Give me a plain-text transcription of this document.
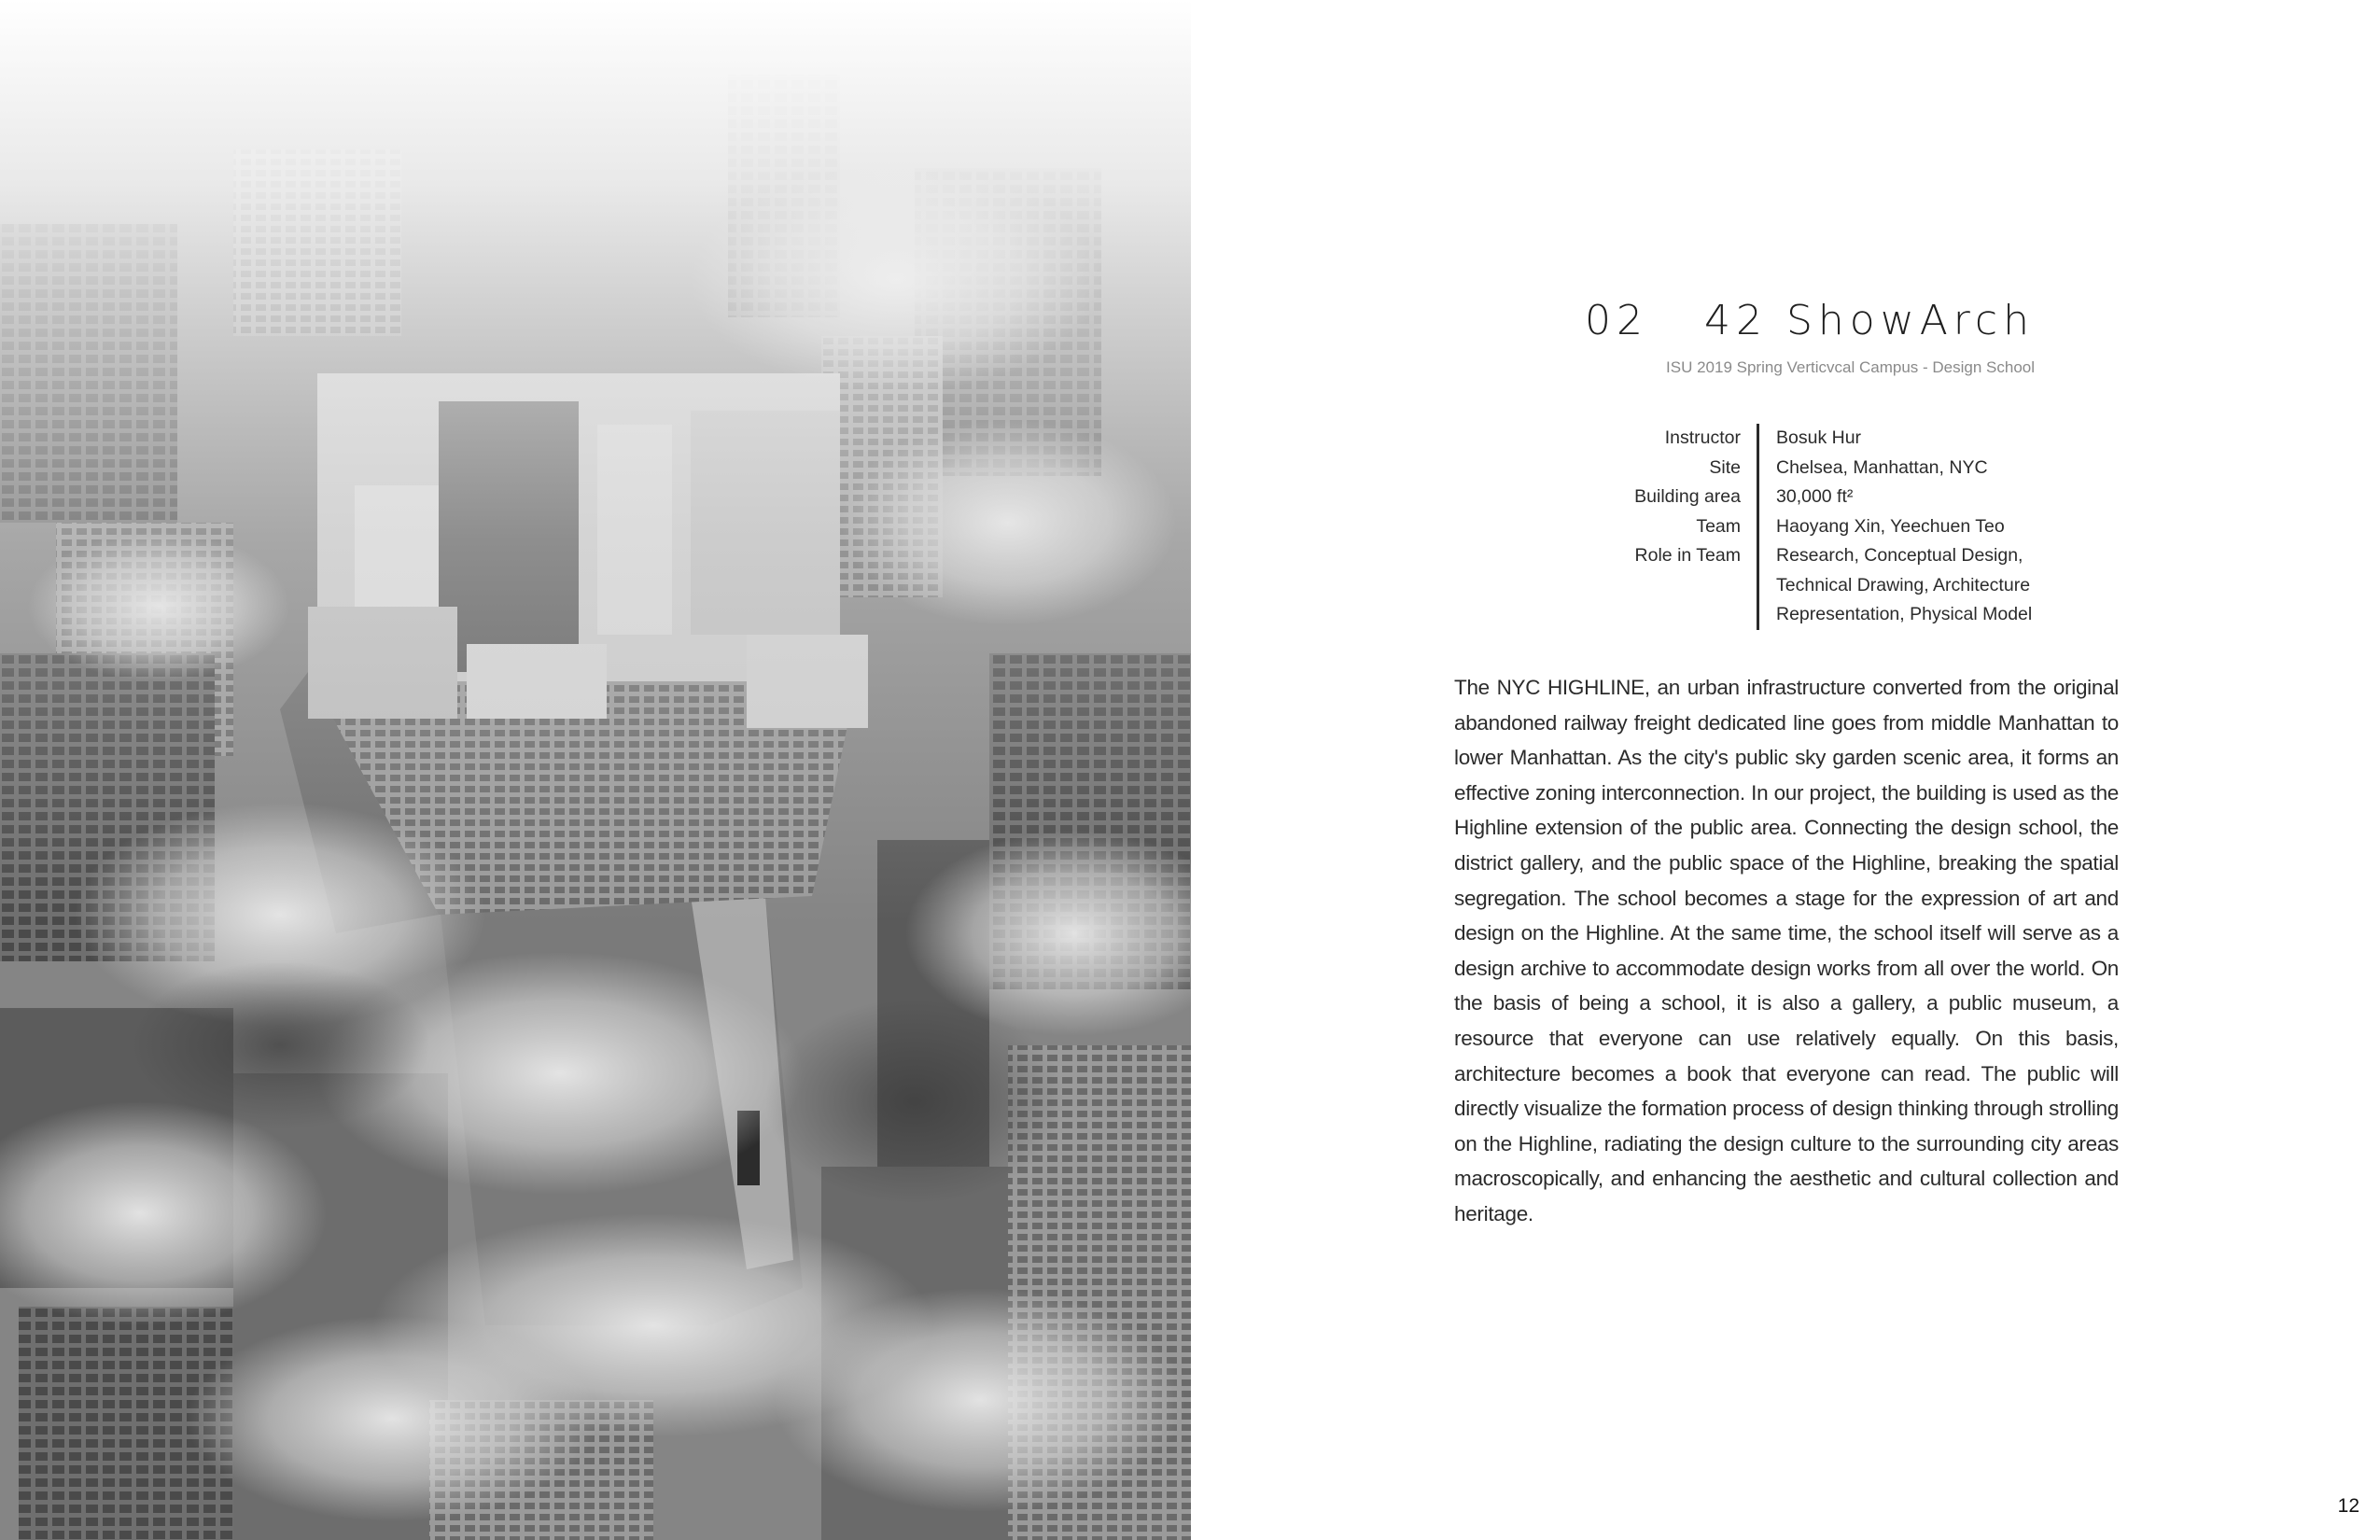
02   42 ShowArch
ISU 2019 Spring Verticvcal Campus - Design School
Instructor	Bosuk Hur
Site	Chelsea, Manhattan, NYC
Building area	30,000 ft²
Team	Haoyang Xin, Yeechuen Teo
Role in Team	Research, Conceptual Design,
Technical Drawing, Architecture
Representation, Physical Model
The NYC HIGHLINE, an urban infrastructure converted from the original abandoned railway freight dedicated line goes from middle Manhattan to lower Manhattan. As the city's public sky garden scenic area, it forms an effective zoning interconnection. In our project, the building is used as the Highline extension of the public area. Connecting the design school, the district gallery, and the public space of the Highline, breaking the spatial segregation. The school becomes a stage for the expression of art and design on the Highline. At the same time, the school itself will serve as a design archive to accommodate design works from all over the world. On the basis of being a school, it is also a gallery, a public museum, a resource that everyone can use relatively equally. On this basis, architecture becomes a book that everyone can read. The public will directly visualize the formation process of design thinking through strolling on the Highline, radiating the design culture to the surrounding city areas macroscopically, and enhancing the aesthetic and cultural collection and heritage.
12
